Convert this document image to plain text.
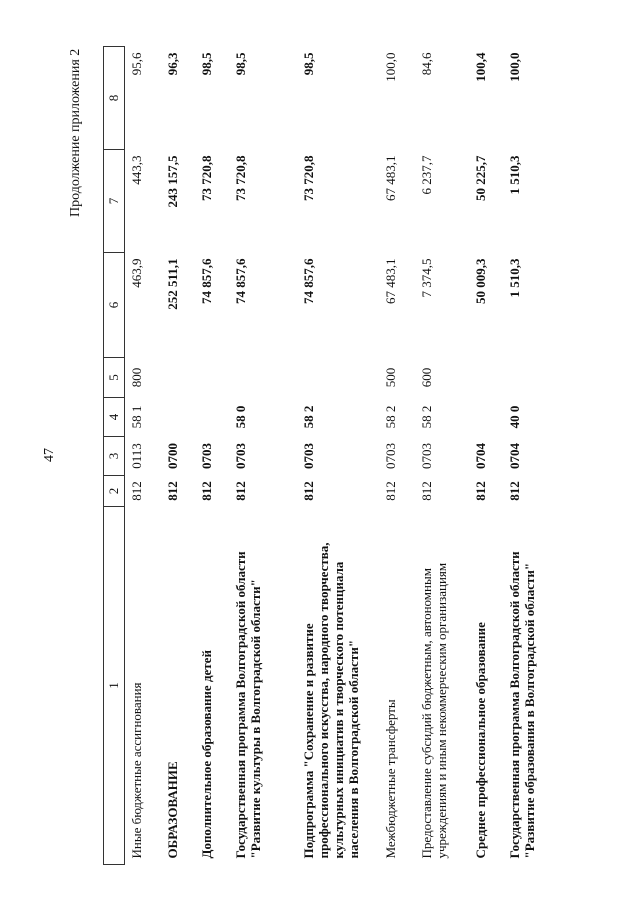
47
Продолжение приложения 2
1	2	3	4	5	6	7	8
Иные бюджетные ассигнования	812	0113	58 1	800	463,9	443,3	95,6
ОБРАЗОВАНИЕ	812	0700			252 511,1	243 157,5	96,3
Дополнительное образование детей	812	0703			74 857,6	73 720,8	98,5
Государственная программа Волгоградской области "Развитие культуры в Волгоградской области"	812	0703	58 0		74 857,6	73 720,8	98,5
Подпрограмма "Сохранение и развитие профессионального искусства, народного творчества, культурных инициатив и творческого потенциала населения в Волгоградской области"	812	0703	58 2		74 857,6	73 720,8	98,5
Межбюджетные трансферты	812	0703	58 2	500	67 483,1	67 483,1	100,0
Предоставление субсидий бюджетным, автономным учреждениям и иным некоммерческим организациям	812	0703	58 2	600	7 374,5	6 237,7	84,6
Среднее профессиональное образование	812	0704			50 009,3	50 225,7	100,4
Государственная программа Волгоградской области "Развитие образования в Волгоградской области"	812	0704	40 0		1 510,3	1 510,3	100,0
